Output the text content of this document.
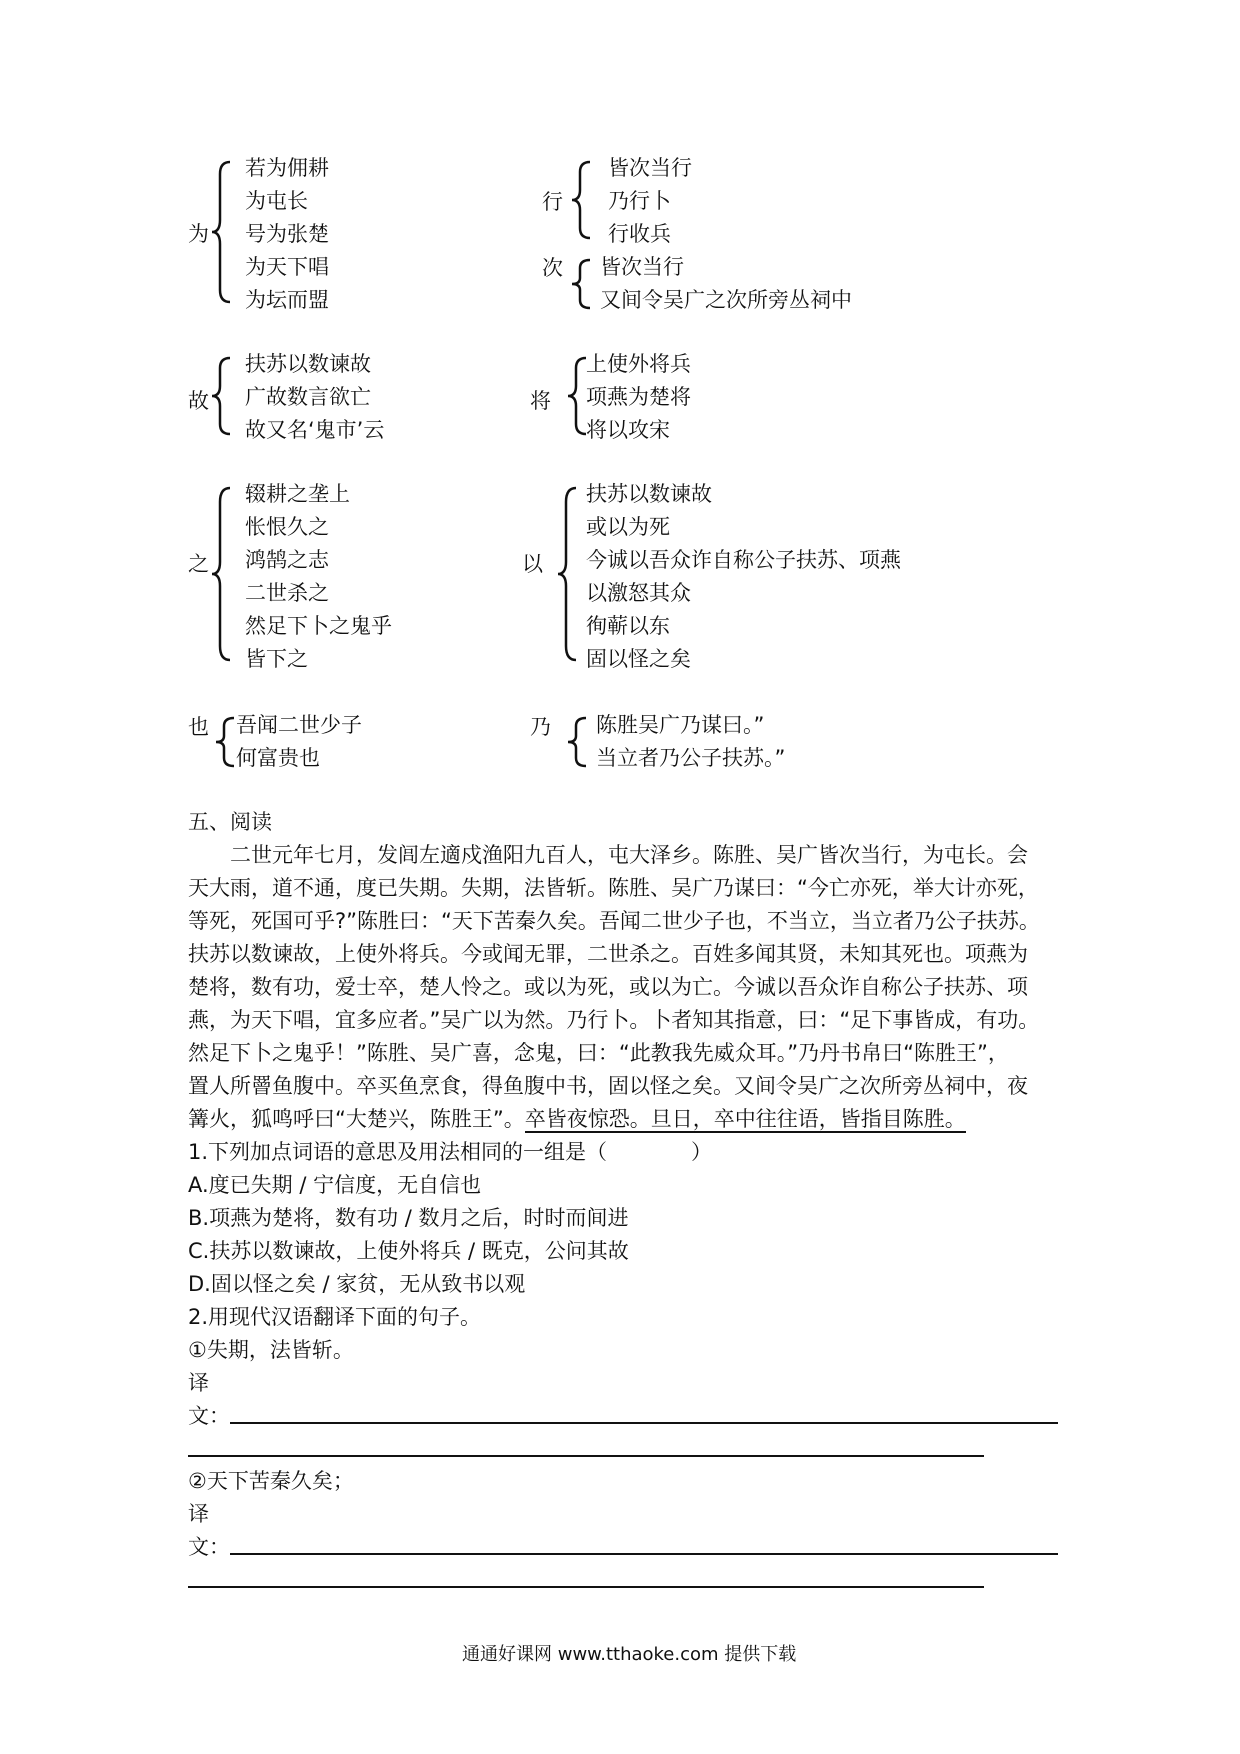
为
若为佣耕
为屯长
号为张楚
为天下唱
为坛而盟
行
皆次当行
乃行卜
行收兵
次 皆次当行
又间令吴广之次所旁丛祠中
故
扶苏以数谏故
广故数言欲亡
故又名‘鬼市’云
将
上使外将兵
项燕为楚将
将以攻宋
之
辍耕之垄上
怅恨久之
鸿鹄之志
二世杀之
然足下卜之鬼乎
皆下之
以
扶苏以数谏故
或以为死
今诚以吾众诈自称公子扶苏、项燕
以激怒其众
徇蕲以东
固以怪之矣
也 吾闻二世少子
何富贵也
乃 陈胜吴广乃谋曰。”
当立者乃公子扶苏。”
五、阅读
二世元年七月，发闾左適戍渔阳九百人，屯大泽乡。陈胜、吴广皆次当行，为屯长。会
天大雨，道不通，度已失期。失期，法皆斩。陈胜、吴广乃谋曰：“今亡亦死，举大计亦死，
等死，死国可乎?”陈胜曰：“天下苦秦久矣。吾闻二世少子也，不当立，当立者乃公子扶苏。
扶苏以数谏故，上使外将兵。今或闻无罪，二世杀之。百姓多闻其贤，未知其死也。项燕为
楚将，数有功，爱士卒，楚人怜之。或以为死，或以为亡。今诚以吾众诈自称公子扶苏、项
燕，为天下唱，宜多应者。”吴广以为然。乃行卜。卜者知其指意，曰：“足下事皆成，有功。
然足下卜之鬼乎！”陈胜、吴广喜，念鬼，曰：“此教我先威众耳。”乃丹书帛曰“陈胜王”，
置人所罾鱼腹中。卒买鱼烹食，得鱼腹中书，固以怪之矣。又间令吴广之次所旁丛祠中，夜
篝火，狐鸣呼曰“大楚兴，陈胜王”。卒皆夜惊恐。旦日，卒中往往语，皆指目陈胜。
1.下列加点词语的意思及用法相同的一组是（　　　　）
A.度已失期 / 宁信度，无自信也
B.项燕为楚将，数有功 / 数月之后，时时而间进
C.扶苏以数谏故，上使外将兵 / 既克，公问其故
D.固以怪之矣 / 家贫，无从致书以观
2.用现代汉语翻译下面的句子。
①失期，法皆斩。
译
文：
②天下苦秦久矣；
译
文：
通通好课网 www.tthaoke.com 提供下载
